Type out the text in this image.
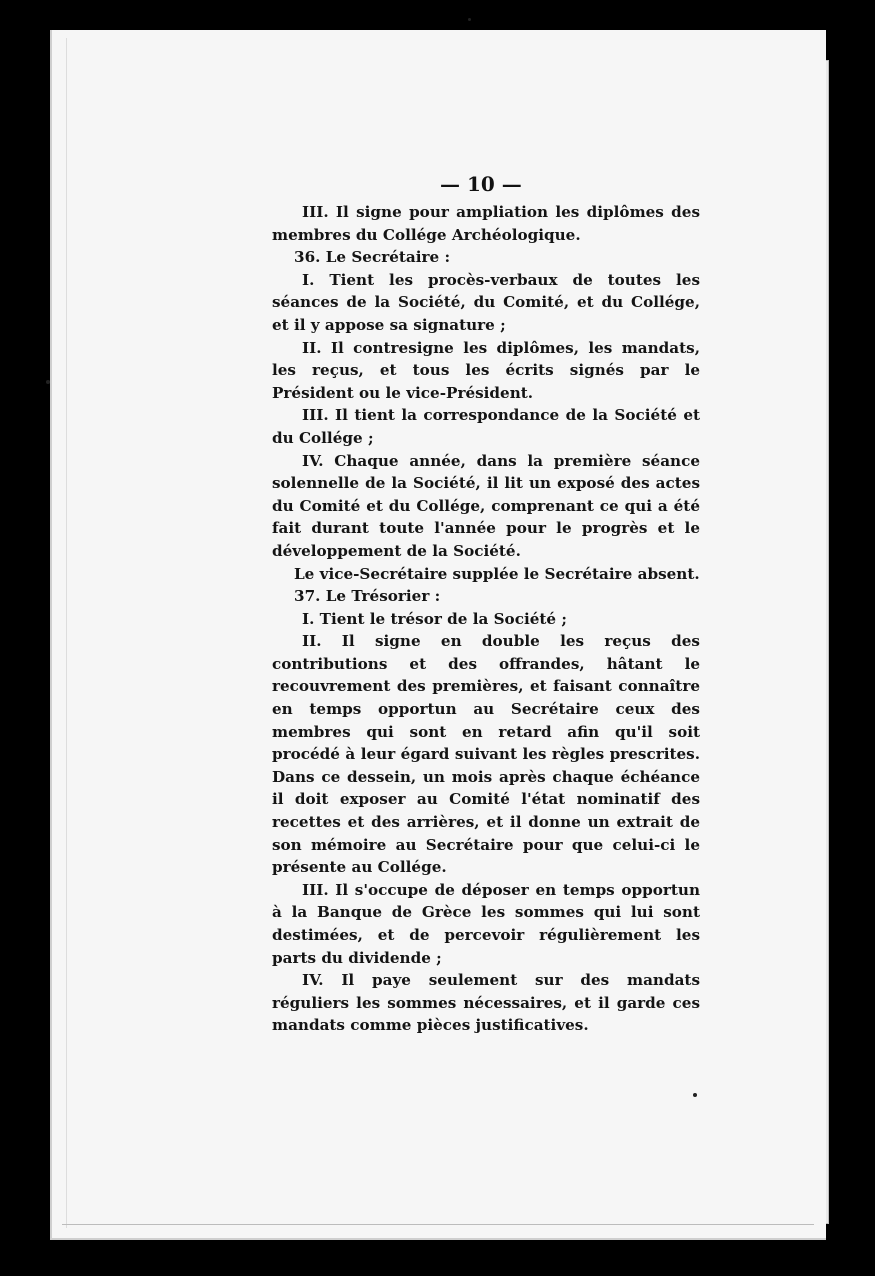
— 10 —

III. Il signe pour ampliation les diplômes des membres du Collége Archéologique.

36. Le Secrétaire :

I. Tient les procès-verbaux de toutes les séances de la Société, du Comité, et du Collége, et il y appose sa signature ;

II. Il contresigne les diplômes, les mandats, les reçus, et tous les écrits signés par le Président ou le vice-Président.

III. Il tient la correspondance de la Société et du Collége ;

IV. Chaque année, dans la première séance solennelle de la Société, il lit un exposé des actes du Comité et du Collége, comprenant ce qui a été fait durant toute l'année pour le progrès et le développement de la Société.

Le vice-Secrétaire supplée le Secrétaire absent.

37. Le Trésorier :

I. Tient le trésor de la Société ;

II. Il signe en double les reçus des contributions et des offrandes, hâtant le recouvrement des premières, et faisant connaître en temps opportun au Secrétaire ceux des membres qui sont en retard afin qu'il soit procédé à leur égard suivant les règles prescrites. Dans ce dessein, un mois après chaque échéance il doit exposer au Comité l'état nominatif des recettes et des arrières, et il donne un extrait de son mémoire au Secrétaire pour que celui-ci le présente au Collége.

III. Il s'occupe de déposer en temps opportun à la Banque de Grèce les sommes qui lui sont destimées, et de percevoir régulièrement les parts du dividende ;

IV. Il paye seulement sur des mandats réguliers les sommes nécessaires, et il garde ces mandats comme pièces justificatives.
